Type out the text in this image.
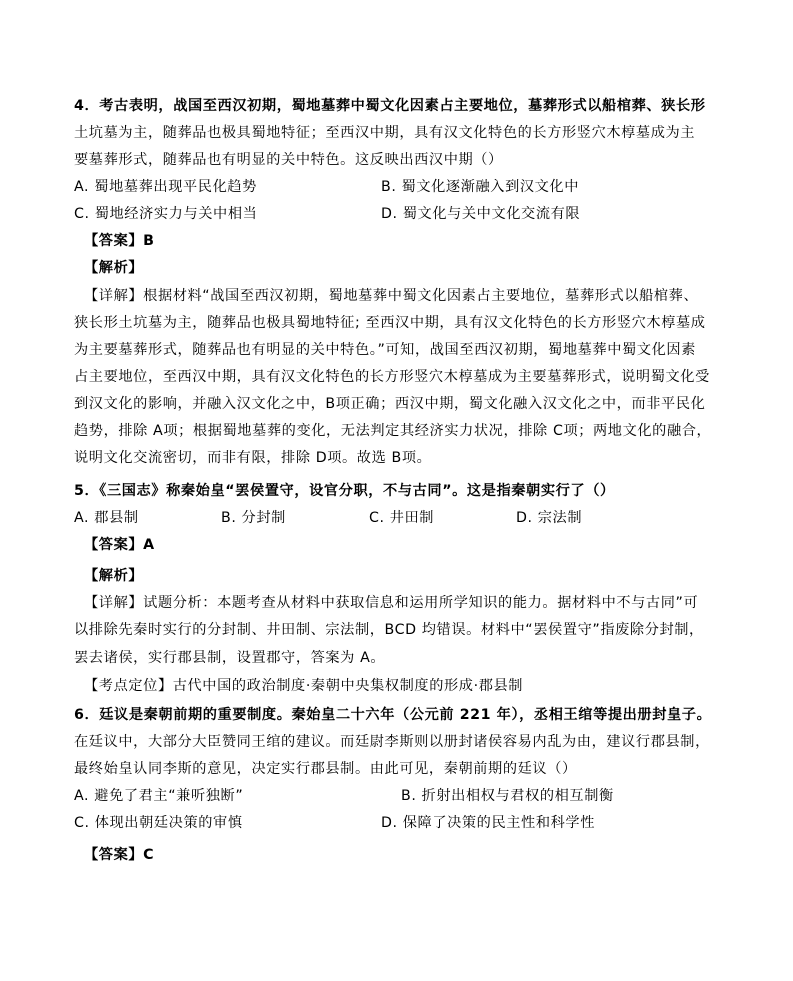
4．考古表明，战国至西汉初期，蜀地墓葬中蜀文化因素占主要地位，墓葬形式以船棺葬、狭长形
土坑墓为主，随葬品也极具蜀地特征；至西汉中期，具有汉文化特色的长方形竖穴木椁墓成为主
要墓葬形式，随葬品也有明显的关中特色。这反映出西汉中期（）
A. 蜀地墓葬出现平民化趋势	B. 蜀文化逐渐融入到汉文化中
C. 蜀地经济实力与关中相当	D. 蜀文化与关中文化交流有限
【答案】B
【解析】
【详解】根据材料“战国至西汉初期，蜀地墓葬中蜀文化因素占主要地位，墓葬形式以船棺葬、
狭长形土坑墓为主，随葬品也极具蜀地特征; 至西汉中期，具有汉文化特色的长方形竖穴木椁墓成
为主要墓葬形式，随葬品也有明显的关中特色。”可知，战国至西汉初期，蜀地墓葬中蜀文化因素
占主要地位，至西汉中期，具有汉文化特色的长方形竖穴木椁墓成为主要墓葬形式，说明蜀文化受
到汉文化的影响，并融入汉文化之中，B项正确；西汉中期，蜀文化融入汉文化之中，而非平民化
趋势，排除 A项；根据蜀地墓葬的变化，无法判定其经济实力状况，排除 C项；两地文化的融合，
说明文化交流密切，而非有限，排除 D项。故选 B项。
5．《三国志》称秦始皇“罢侯置守，设官分职，不与古同”。这是指秦朝实行了（）
A. 郡县制	B. 分封制	C. 井田制	D. 宗法制
【答案】A
【解析】
【详解】试题分析：本题考查从材料中获取信息和运用所学知识的能力。据材料中不与古同”可
以排除先秦时实行的分封制、井田制、宗法制，BCD 均错误。材料中“罢侯置守”指废除分封制，
罢去诸侯，实行郡县制，设置郡守，答案为 A。
【考点定位】古代中国的政治制度·秦朝中央集权制度的形成·郡县制
6．廷议是秦朝前期的重要制度。秦始皇二十六年（公元前 221 年），丞相王绾等提出册封皇子。
在廷议中，大部分大臣赞同王绾的建议。而廷尉李斯则以册封诸侯容易内乱为由，建议行郡县制，
最终始皇认同李斯的意见，决定实行郡县制。由此可见，秦朝前期的廷议（）
A. 避免了君主“兼听独断”	B. 折射出相权与君权的相互制衡
C. 体现出朝廷决策的审慎	D. 保障了决策的民主性和科学性
【答案】C
